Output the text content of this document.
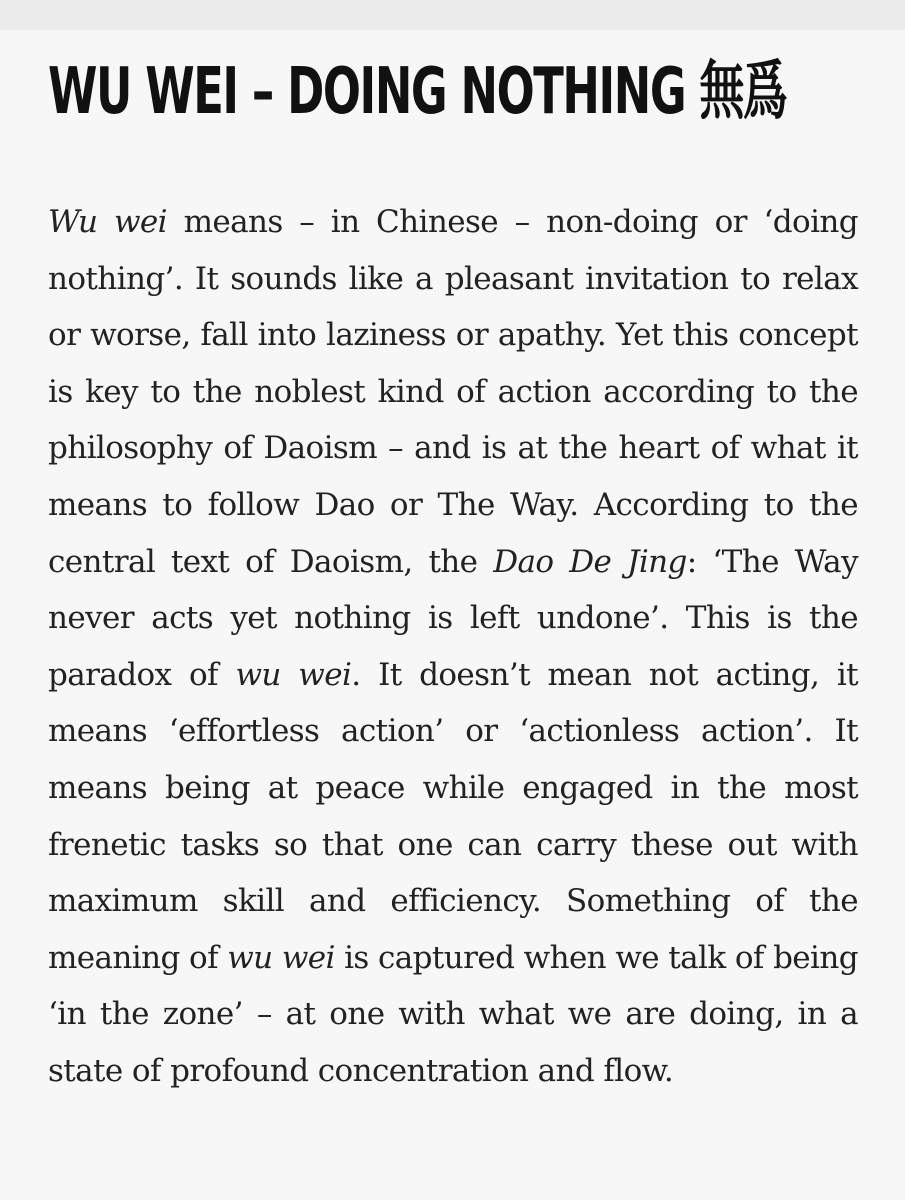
WU WEI – DOING NOTHING 無爲

Wu wei means – in Chinese – non-doing or ‘doing nothing’. It sounds like a pleasant invitation to relax or worse, fall into laziness or apathy. Yet this concept is key to the noblest kind of action according to the philosophy of Daoism – and is at the heart of what it means to follow Dao or The Way. According to the central text of Daoism, the Dao De Jing: ‘The Way never acts yet nothing is left undone’. This is the paradox of wu wei. It doesn’t mean not acting, it means ‘effortless action’ or ‘actionless action’. It means being at peace while engaged in the most frenetic tasks so that one can carry these out with maximum skill and efficiency. Something of the meaning of wu wei is captured when we talk of being ‘in the zone’ – at one with what we are doing, in a state of profound concentration and flow.
